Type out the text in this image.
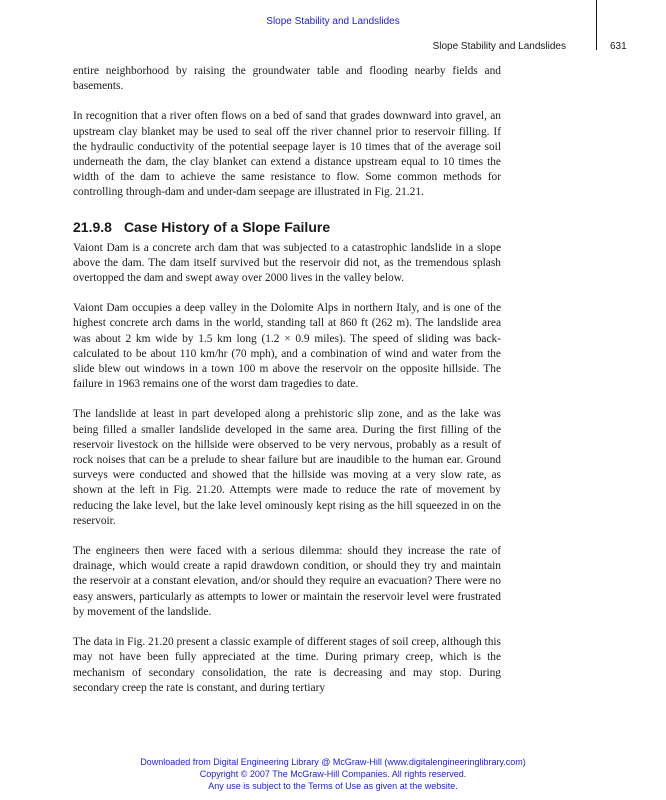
Slope Stability and Landslides
Slope Stability and Landslides	631

entire neighborhood by raising the groundwater table and flooding nearby fields and basements.

In recognition that a river often flows on a bed of sand that grades downward into gravel, an upstream clay blanket may be used to seal off the river channel prior to reservoir filling. If the hydraulic conductivity of the potential seepage layer is 10 times that of the average soil underneath the dam, the clay blanket can extend a distance upstream equal to 10 times the width of the dam to achieve the same resistance to flow. Some common methods for controlling through-dam and under-dam seepage are illustrated in Fig. 21.21.

21.9.8 Case History of a Slope Failure

Vaiont Dam is a concrete arch dam that was subjected to a catastrophic landslide in a slope above the dam. The dam itself survived but the reservoir did not, as the tremendous splash overtopped the dam and swept away over 2000 lives in the valley below.

Vaiont Dam occupies a deep valley in the Dolomite Alps in northern Italy, and is one of the highest concrete arch dams in the world, standing tall at 860 ft (262 m). The landslide area was about 2 km wide by 1.5 km long (1.2 × 0.9 miles). The speed of sliding was back-calculated to be about 110 km/hr (70 mph), and a combination of wind and water from the slide blew out windows in a town 100 m above the reservoir on the opposite hillside. The failure in 1963 remains one of the worst dam tragedies to date.

The landslide at least in part developed along a prehistoric slip zone, and as the lake was being filled a smaller landslide developed in the same area. During the first filling of the reservoir livestock on the hillside were observed to be very nervous, probably as a result of rock noises that can be a prelude to shear failure but are inaudible to the human ear. Ground surveys were conducted and showed that the hillside was moving at a very slow rate, as shown at the left in Fig. 21.20. Attempts were made to reduce the rate of movement by reducing the lake level, but the lake level ominously kept rising as the hill squeezed in on the reservoir.

The engineers then were faced with a serious dilemma: should they increase the rate of drainage, which would create a rapid drawdown condition, or should they try and maintain the reservoir at a constant elevation, and/or should they require an evacuation? There were no easy answers, particularly as attempts to lower or maintain the reservoir level were frustrated by movement of the landslide.

The data in Fig. 21.20 present a classic example of different stages of soil creep, although this may not have been fully appreciated at the time. During primary creep, which is the mechanism of secondary consolidation, the rate is decreasing and may stop. During secondary creep the rate is constant, and during tertiary

Downloaded from Digital Engineering Library @ McGraw-Hill (www.digitalengineeringlibrary.com)
Copyright © 2007 The McGraw-Hill Companies. All rights reserved.
Any use is subject to the Terms of Use as given at the website.
